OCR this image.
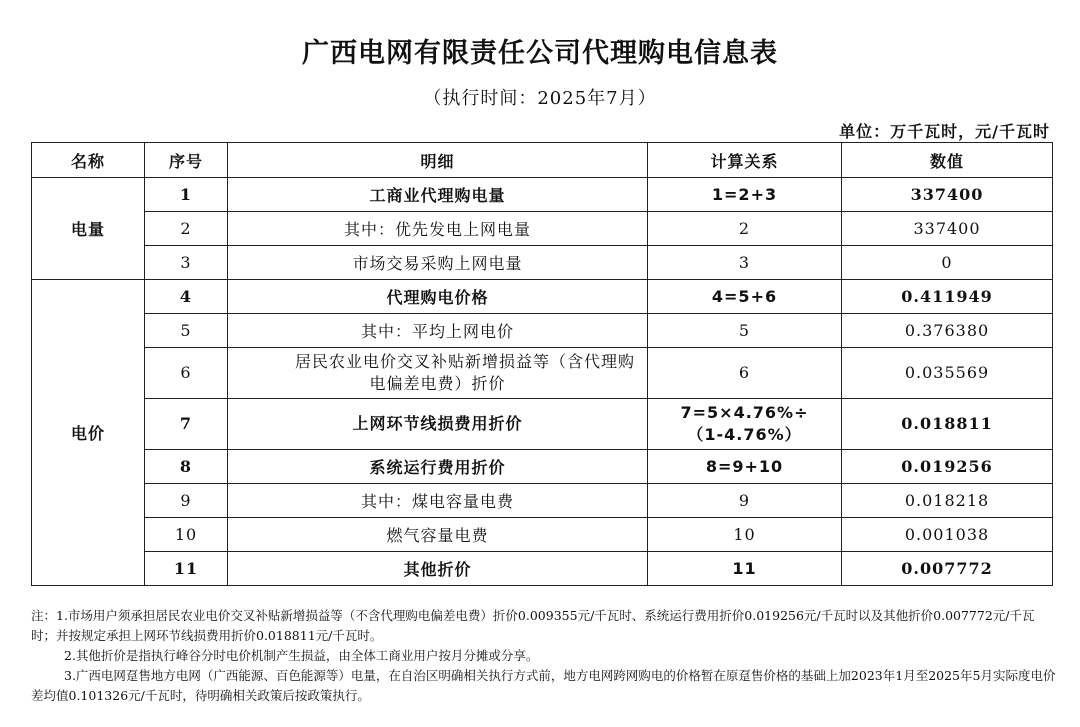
广西电网有限责任公司代理购电信息表
（执行时间：2025年7月）
单位：万千瓦时，元/千瓦时
名称	序号	明细	计算关系	数值
电量	1	工商业代理购电量	1=2+3	337400
	2	其中：优先发电上网电量	2	337400
	3	市场交易采购上网电量	3	0
电价	4	代理购电价格	4=5+6	0.411949
	5	其中：平均上网电价	5	0.376380
	6	居民农业电价交叉补贴新增损益等（含代理购电偏差电费）折价	6	0.035569
	7	上网环节线损费用折价	7=5×4.76%÷（1-4.76%）	0.018811
	8	系统运行费用折价	8=9+10	0.019256
	9	其中：煤电容量电费	9	0.018218
	10	燃气容量电费	10	0.001038
	11	其他折价	11	0.007772

注：1.市场用户须承担居民农业电价交叉补贴新增损益等（不含代理购电偏差电费）折价0.009355元/千瓦时、系统运行费用折价0.019256元/千瓦时以及其他折价0.007772元/千瓦时；并按规定承担上网环节线损费用折价0.018811元/千瓦时。

2.其他折价是指执行峰谷分时电价机制产生损益，由全体工商业用户按月分摊或分享。

3.广西电网趸售地方电网（广西能源、百色能源等）电量，在自治区明确相关执行方式前，地方电网跨网购电的价格暂在原趸售价格的基础上加2023年1月至2025年5月实际度电价差均值0.101326元/千瓦时，待明确相关政策后按政策执行。
